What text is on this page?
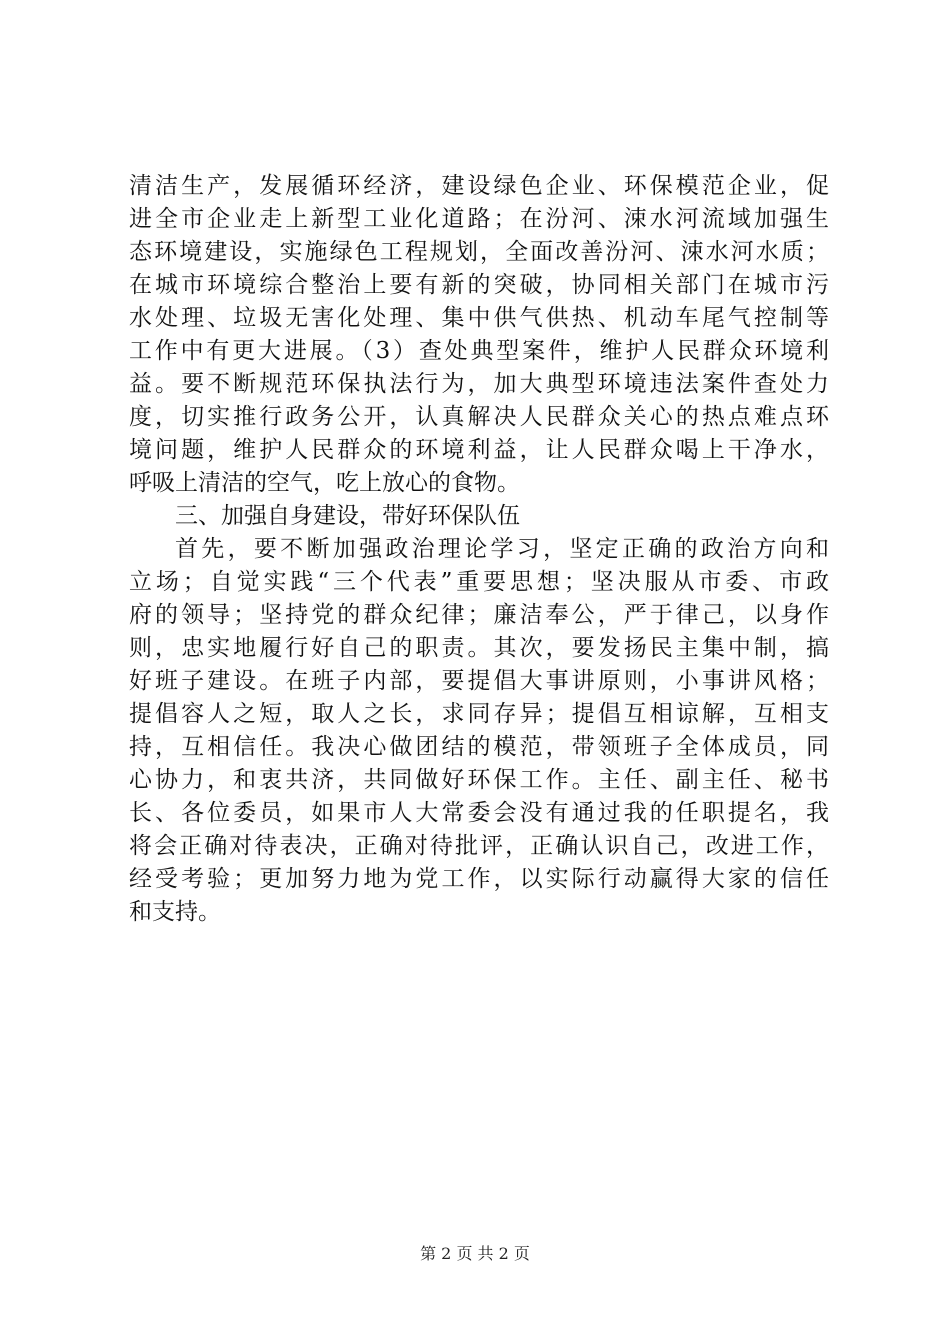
清洁生产，发展循环经济，建设绿色企业、环保模范企业，促
进全市企业走上新型工业化道路；在汾河、涑水河流域加强生
态环境建设，实施绿色工程规划，全面改善汾河、涑水河水质；
在城市环境综合整治上要有新的突破，协同相关部门在城市污
水处理、垃圾无害化处理、集中供气供热、机动车尾气控制等
工作中有更大进展。（3）查处典型案件，维护人民群众环境利
益。要不断规范环保执法行为，加大典型环境违法案件查处力
度，切实推行政务公开，认真解决人民群众关心的热点难点环
境问题，维护人民群众的环境利益，让人民群众喝上干净水，
呼吸上清洁的空气，吃上放心的食物。
三、加强自身建设，带好环保队伍
首先，要不断加强政治理论学习，坚定正确的政治方向和
立场；自觉实践“三个代表”重要思想；坚决服从市委、市政
府的领导；坚持党的群众纪律；廉洁奉公，严于律己，以身作
则，忠实地履行好自己的职责。其次，要发扬民主集中制，搞
好班子建设。在班子内部，要提倡大事讲原则，小事讲风格；
提倡容人之短，取人之长，求同存异；提倡互相谅解，互相支
持，互相信任。我决心做团结的模范，带领班子全体成员，同
心协力，和衷共济，共同做好环保工作。主任、副主任、秘书
长、各位委员，如果市人大常委会没有通过我的任职提名，我
将会正确对待表决，正确对待批评，正确认识自己，改进工作，
经受考验；更加努力地为党工作，以实际行动赢得大家的信任
和支持。
第 2 页 共 2 页
